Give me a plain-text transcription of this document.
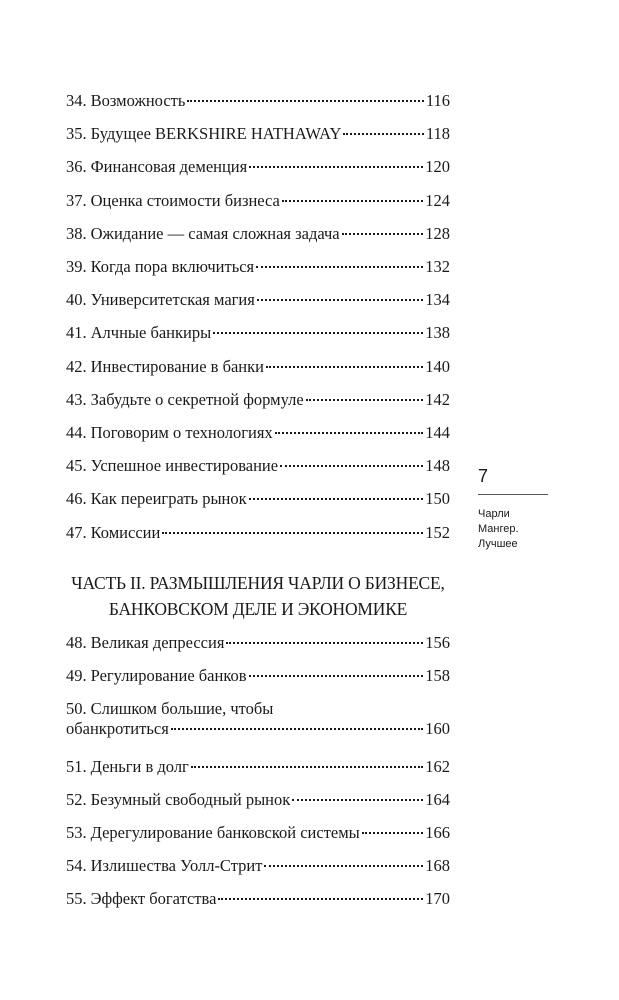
34. Возможность	116
35. Будущее BERKSHIRE HATHAWAY	118
36. Финансовая деменция	120
37. Оценка стоимости бизнеса	124
38. Ожидание — самая сложная задача	128
39. Когда пора включиться	132
40. Университетская магия	134
41. Алчные банкиры	138
42. Инвестирование в банки	140
43. Забудьте о секретной формуле	142
44. Поговорим о технологиях	144
45. Успешное инвестирование	148
46. Как переиграть рынок	150
47. Комиссии	152
ЧАСТЬ II. РАЗМЫШЛЕНИЯ ЧАРЛИ О БИЗНЕСЕ,
БАНКОВСКОМ ДЕЛЕ И ЭКОНОМИКЕ
48. Великая депрессия	156
49. Регулирование банков	158
50. Слишком большие, чтобы
обанкротиться	160
51. Деньги в долг	162
52. Безумный свободный рынок	164
53. Дерегулирование банковской системы	166
54. Излишества Уолл-Стрит	168
55. Эффект богатства	170
7
Чарли
Мангер.
Лучшее
